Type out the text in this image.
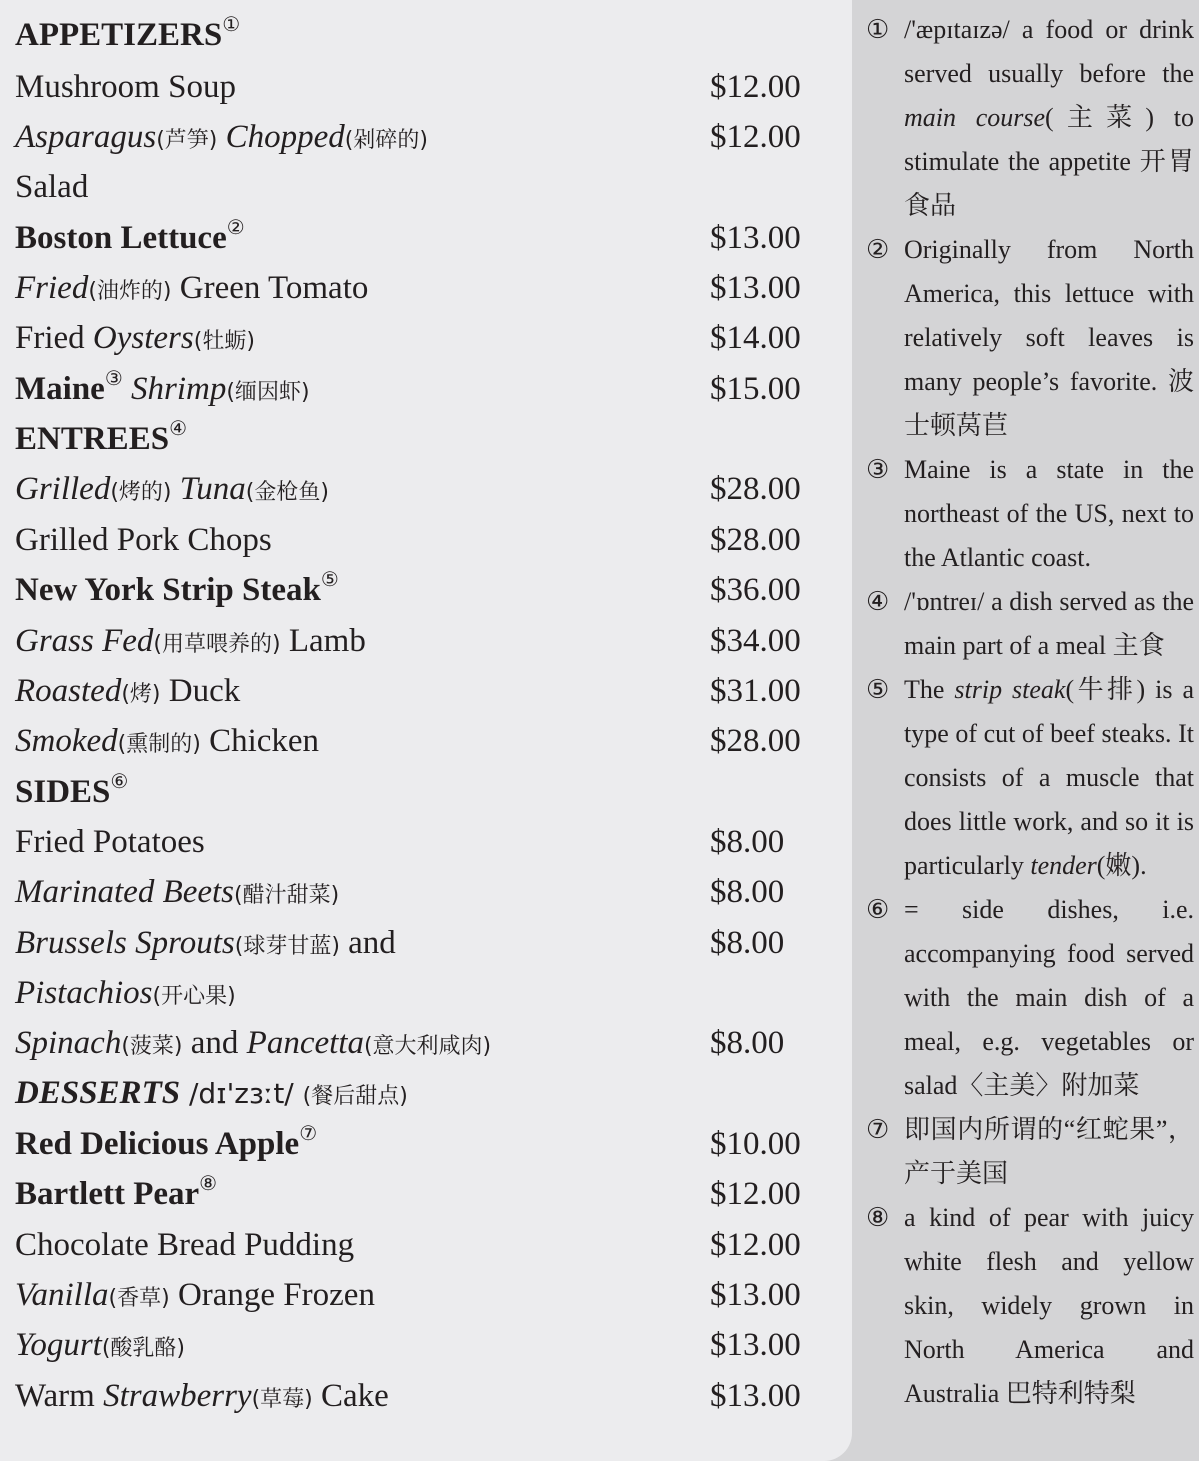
APPETIZERS①
Mushroom Soup	$12.00
Asparagus(芦笋) Chopped(剁碎的)	$12.00
Salad
Boston Lettuce②	$13.00
Fried(油炸的) Green Tomato	$13.00
Fried Oysters(牡蛎)	$14.00
Maine③ Shrimp(缅因虾)	$15.00
ENTREES④
Grilled(烤的) Tuna(金枪鱼)	$28.00
Grilled Pork Chops	$28.00
New York Strip Steak⑤	$36.00
Grass Fed(用草喂养的) Lamb	$34.00
Roasted(烤) Duck	$31.00
Smoked(熏制的) Chicken	$28.00
SIDES⑥
Fried Potatoes	$8.00
Marinated Beets(醋汁甜菜)	$8.00
Brussels Sprouts(球芽甘蓝) and	$8.00
Pistachios(开心果)
Spinach(菠菜) and Pancetta(意大利咸肉)	$8.00
DESSERTS /dɪ'zɜːt/ (餐后甜点)
Red Delicious Apple⑦	$10.00
Bartlett Pear⑧	$12.00
Chocolate Bread Pudding	$12.00
Vanilla(香草) Orange Frozen	$13.00
Yogurt(酸乳酪)	$13.00
Warm Strawberry(草莓) Cake	$13.00
① /'æpɪtaɪzə/ a food or drink served usually before the main course(主菜) to stimulate the appetite 开胃食品
② Originally from North America, this lettuce with relatively soft leaves is many people’s favorite. 波士顿莴苣
③ Maine is a state in the northeast of the US, next to the Atlantic coast.
④ /'ɒntreɪ/ a dish served as the main part of a meal 主食
⑤ The strip steak(牛排) is a type of cut of beef steaks. It consists of a muscle that does little work, and so it is particularly tender(嫩).
⑥ = side dishes, i.e. accompanying food served with the main dish of a meal, e.g. vegetables or salad〈主美〉附加菜
⑦ 即国内所谓的“红蛇果”，产于美国
⑧ a kind of pear with juicy white flesh and yellow skin, widely grown in North America and Australia 巴特利特梨
